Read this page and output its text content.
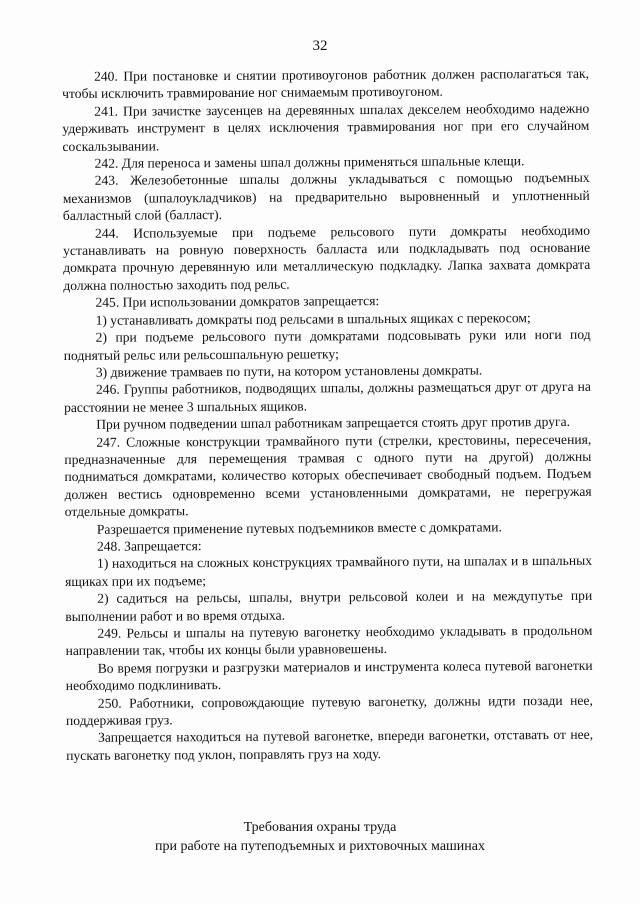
32

240. При постановке и снятии противоугонов работник должен располагаться так, чтобы исключить травмирование ног снимаемым противоугоном.

241. При зачистке заусенцев на деревянных шпалах декселем необходимо надежно удерживать инструмент в целях исключения травмирования ног при его случайном соскальзывании.

242. Для переноса и замены шпал должны применяться шпальные клещи.

243. Железобетонные шпалы должны укладываться с помощью подъемных механизмов (шпалоукладчиков) на предварительно выровненный и уплотненный балластный слой (балласт).

244. Используемые при подъеме рельсового пути домкраты необходимо устанавливать на ровную поверхность балласта или подкладывать под основание домкрата прочную деревянную или металлическую подкладку. Лапка захвата домкрата должна полностью заходить под рельс.

245. При использовании домкратов запрещается:

1) устанавливать домкраты под рельсами в шпальных ящиках с перекосом;

2) при подъеме рельсового пути домкратами подсовывать руки или ноги под поднятый рельс или рельсошпальную решетку;

3) движение трамваев по пути, на котором установлены домкраты.

246. Группы работников, подводящих шпалы, должны размещаться друг от друга на расстоянии не менее 3 шпальных ящиков.

При ручном подведении шпал работникам запрещается стоять друг против друга.

247. Сложные конструкции трамвайного пути (стрелки, крестовины, пересечения, предназначенные для перемещения трамвая с одного пути на другой) должны подниматься домкратами, количество которых обеспечивает свободный подъем. Подъем должен вестись одновременно всеми установленными домкратами, не перегружая отдельные домкраты.

Разрешается применение путевых подъемников вместе с домкратами.

248. Запрещается:

1) находиться на сложных конструкциях трамвайного пути, на шпалах и в шпальных ящиках при их подъеме;

2) садиться на рельсы, шпалы, внутри рельсовой колеи и на междупутье при выполнении работ и во время отдыха.

249. Рельсы и шпалы на путевую вагонетку необходимо укладывать в продольном направлении так, чтобы их концы были уравновешены.

Во время погрузки и разгрузки материалов и инструмента колеса путевой вагонетки необходимо подклинивать.

250. Работники, сопровождающие путевую вагонетку, должны идти позади нее, поддерживая груз.

Запрещается находиться на путевой вагонетке, впереди вагонетки, отставать от нее, пускать вагонетку под уклон, поправлять груз на ходу.

Требования охраны труда
при работе на путеподъемных и рихтовочных машинах
